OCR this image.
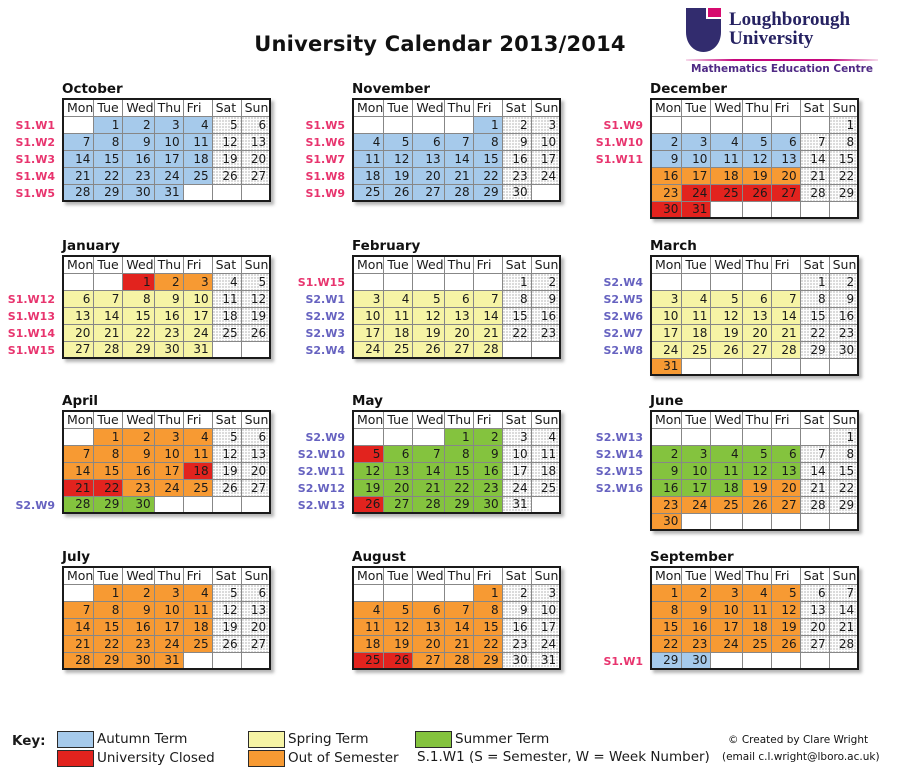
University Calendar 2013/2014
Loughborough
University
Mathematics Education Centre
October
S1.W1
S1.W2
S1.W3
S1.W4
S1.W5
Mon	Tue	Wed	Thu	Fri	Sat	Sun
	1	2	3	4	5	6
7	8	9	10	11	12	13
14	15	16	17	18	19	20
21	22	23	24	25	26	27
28	29	30	31			
November
S1.W5
S1.W6
S1.W7
S1.W8
S1.W9
Mon	Tue	Wed	Thu	Fri	Sat	Sun
				1	2	3
4	5	6	7	8	9	10
11	12	13	14	15	16	17
18	19	20	21	22	23	24
25	26	27	28	29	30	
December
S1.W9
S1.W10
S1.W11
Mon	Tue	Wed	Thu	Fri	Sat	Sun
						1
2	3	4	5	6	7	8
9	10	11	12	13	14	15
16	17	18	19	20	21	22
23	24	25	26	27	28	29
30	31					
January
S1.W12
S1.W13
S1.W14
S1.W15
Mon	Tue	Wed	Thu	Fri	Sat	Sun
		1	2	3	4	5
6	7	8	9	10	11	12
13	14	15	16	17	18	19
20	21	22	23	24	25	26
27	28	29	30	31		
February
S1.W15
S2.W1
S2.W2
S2.W3
S2.W4
Mon	Tue	Wed	Thu	Fri	Sat	Sun
					1	2
3	4	5	6	7	8	9
10	11	12	13	14	15	16
17	18	19	20	21	22	23
24	25	26	27	28		
March
S2.W4
S2.W5
S2.W6
S2.W7
S2.W8
Mon	Tue	Wed	Thu	Fri	Sat	Sun
					1	2
3	4	5	6	7	8	9
10	11	12	13	14	15	16
17	18	19	20	21	22	23
24	25	26	27	28	29	30
31						
April
S2.W9
Mon	Tue	Wed	Thu	Fri	Sat	Sun
	1	2	3	4	5	6
7	8	9	10	11	12	13
14	15	16	17	18	19	20
21	22	23	24	25	26	27
28	29	30				
May
S2.W9
S2.W10
S2.W11
S2.W12
S2.W13
Mon	Tue	Wed	Thu	Fri	Sat	Sun
			1	2	3	4
5	6	7	8	9	10	11
12	13	14	15	16	17	18
19	20	21	22	23	24	25
26	27	28	29	30	31	
June
S2.W13
S2.W14
S2.W15
S2.W16
Mon	Tue	Wed	Thu	Fri	Sat	Sun
						1
2	3	4	5	6	7	8
9	10	11	12	13	14	15
16	17	18	19	20	21	22
23	24	25	26	27	28	29
30						
July
Mon	Tue	Wed	Thu	Fri	Sat	Sun
	1	2	3	4	5	6
7	8	9	10	11	12	13
14	15	16	17	18	19	20
21	22	23	24	25	26	27
28	29	30	31			
August
Mon	Tue	Wed	Thu	Fri	Sat	Sun
				1	2	3
4	5	6	7	8	9	10
11	12	13	14	15	16	17
18	19	20	21	22	23	24
25	26	27	28	29	30	31
September
S1.W1
Mon	Tue	Wed	Thu	Fri	Sat	Sun
1	2	3	4	5	6	7
8	9	10	11	12	13	14
15	16	17	18	19	20	21
22	23	24	25	26	27	28
29	30					
Key:	Autumn Term
University Closed
Spring Term
Out of Semester
Summer Term
S.1.W1 (S = Semester, W = Week Number)
© Created by Clare Wright
(email c.l.wright@lboro.ac.uk)
